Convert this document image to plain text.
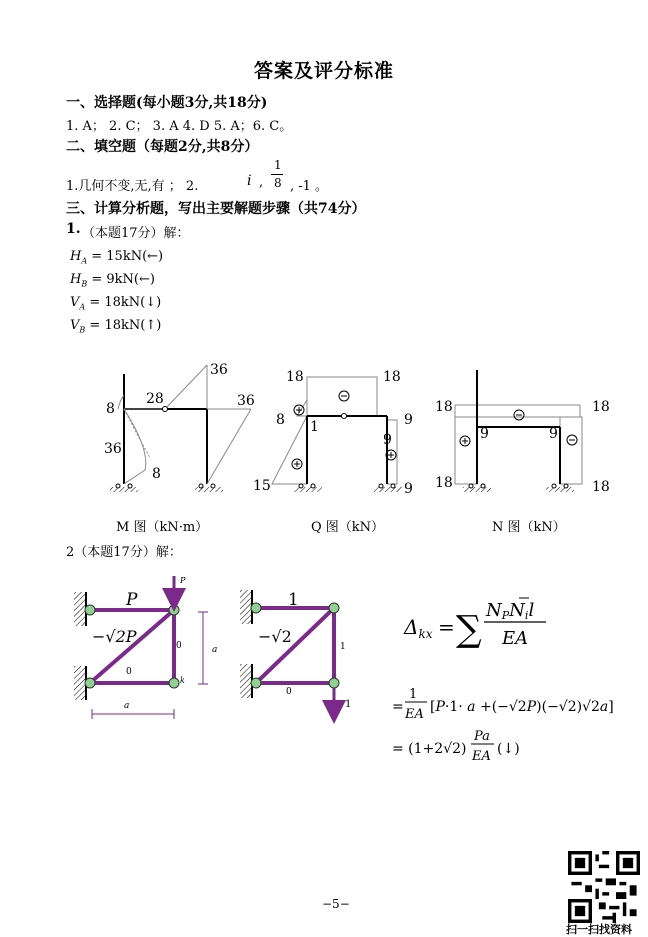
答案及评分标准
一、选择题(每小题3分,共18分)
1. A； 2. C； 3. A 4. D 5. A；6. C。
二、填空题（每题2分,共8分）
1.几何不变,无,有 ； 2.	i ,
1
8 , -1 。
三、计算分析题，写出主要解题步骤（共74分）
1. （本题17分）解：
$H_A$ = 15kN(←)
$H_B$ = 9kN(←)
$V_A$ = 18kN(↓)
$V_B$ = 18kN(↑)
36
28	36
8
36
8
18	18
8 1	9
9
15
9
18	18
9	9
18	18
M 图（kN·m）	Q 图（kN）	N 图（kN）
P
−√2P
0
0
P
a
a
k
1
−√2
0
1
1
$\Delta_{kx}$ = ∑ NPNil
EA
=
1
EA [P·1· a +(−√2P)(−√2)√2a]
= (1+2√2)
Pa
EA (↓)
2（本题17分）解：
−5−
扫一扫找资料
